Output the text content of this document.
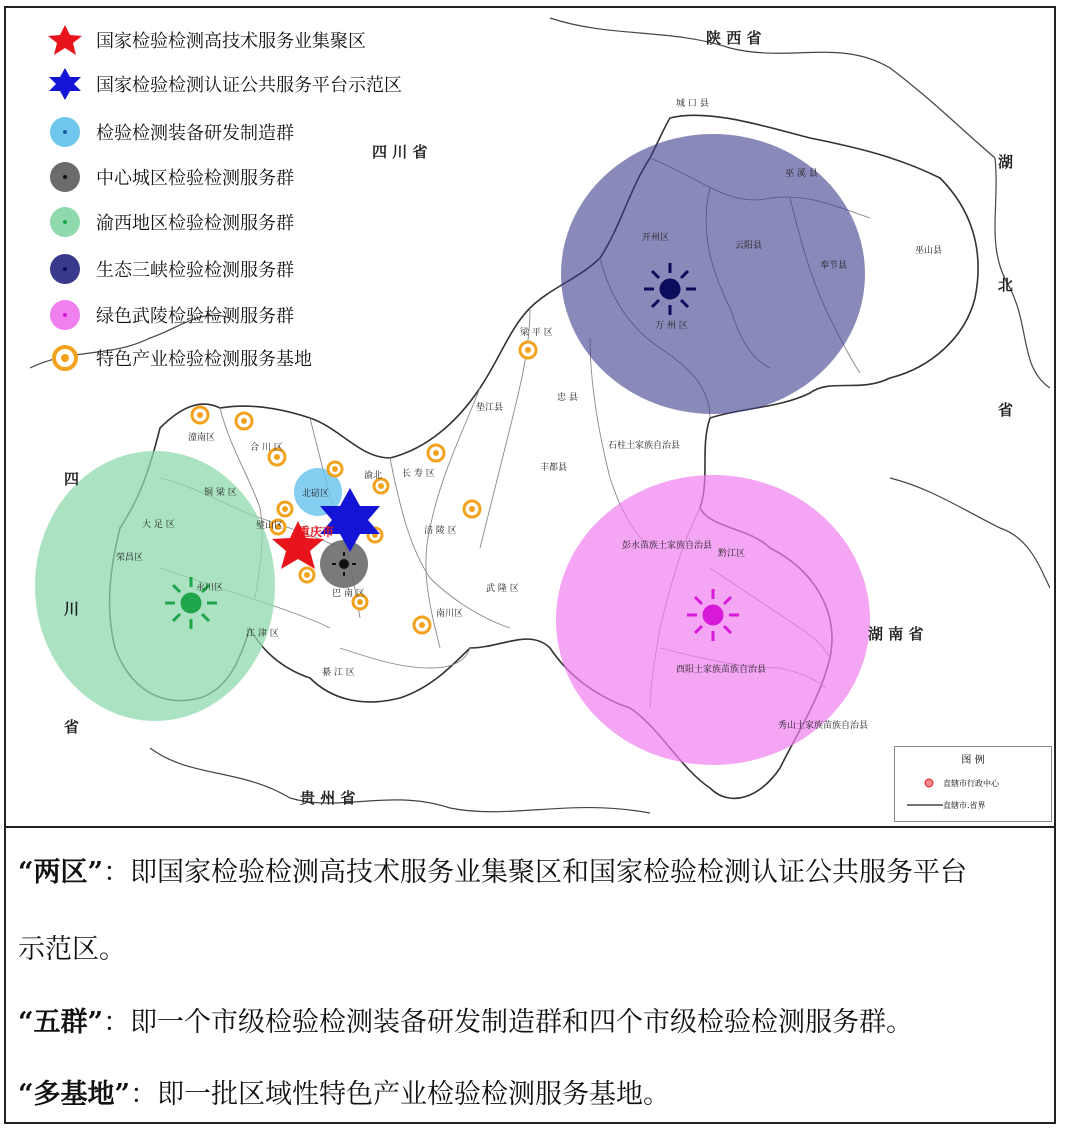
陕 西 省
四 川 省
四
川
省
湖
北
省
湖 南 省
贵 州 省
城 口 县
巫 溪 县
开州区
云阳县
奉节县
巫山县
万 州 区
梁 平 区
垫江县
忠 县
石柱土家族自治县
丰都县
长 寿 区
涪 陵 区
武 隆 区
南川区
綦 江 区
巴 南 区
江 津 区
合 川 区
潼南区
铜 梁 区
大 足 区
荣昌区
永川区
璧山区
北碚区
渝北
彭水苗族土家族自治县
黔江区
酉阳土家族苗族自治县
秀山土家族苗族自治县
重庆市
国家检验检测高技术服务业集聚区
国家检验检测认证公共服务平台示范区
检验检测装备研发制造群
中心城区检验检测服务群
渝西地区检验检测服务群
生态三峡检验检测服务群
绿色武陵检验检测服务群
特色产业检验检测服务基地
图 例
直辖市行政中心
直辖市.省界
“两区”：即国家检验检测高技术服务业集聚区和国家检验检测认证公共服务平台
示范区。
“五群”：即一个市级检验检测装备研发制造群和四个市级检验检测服务群。
“多基地”：即一批区域性特色产业检验检测服务基地。
